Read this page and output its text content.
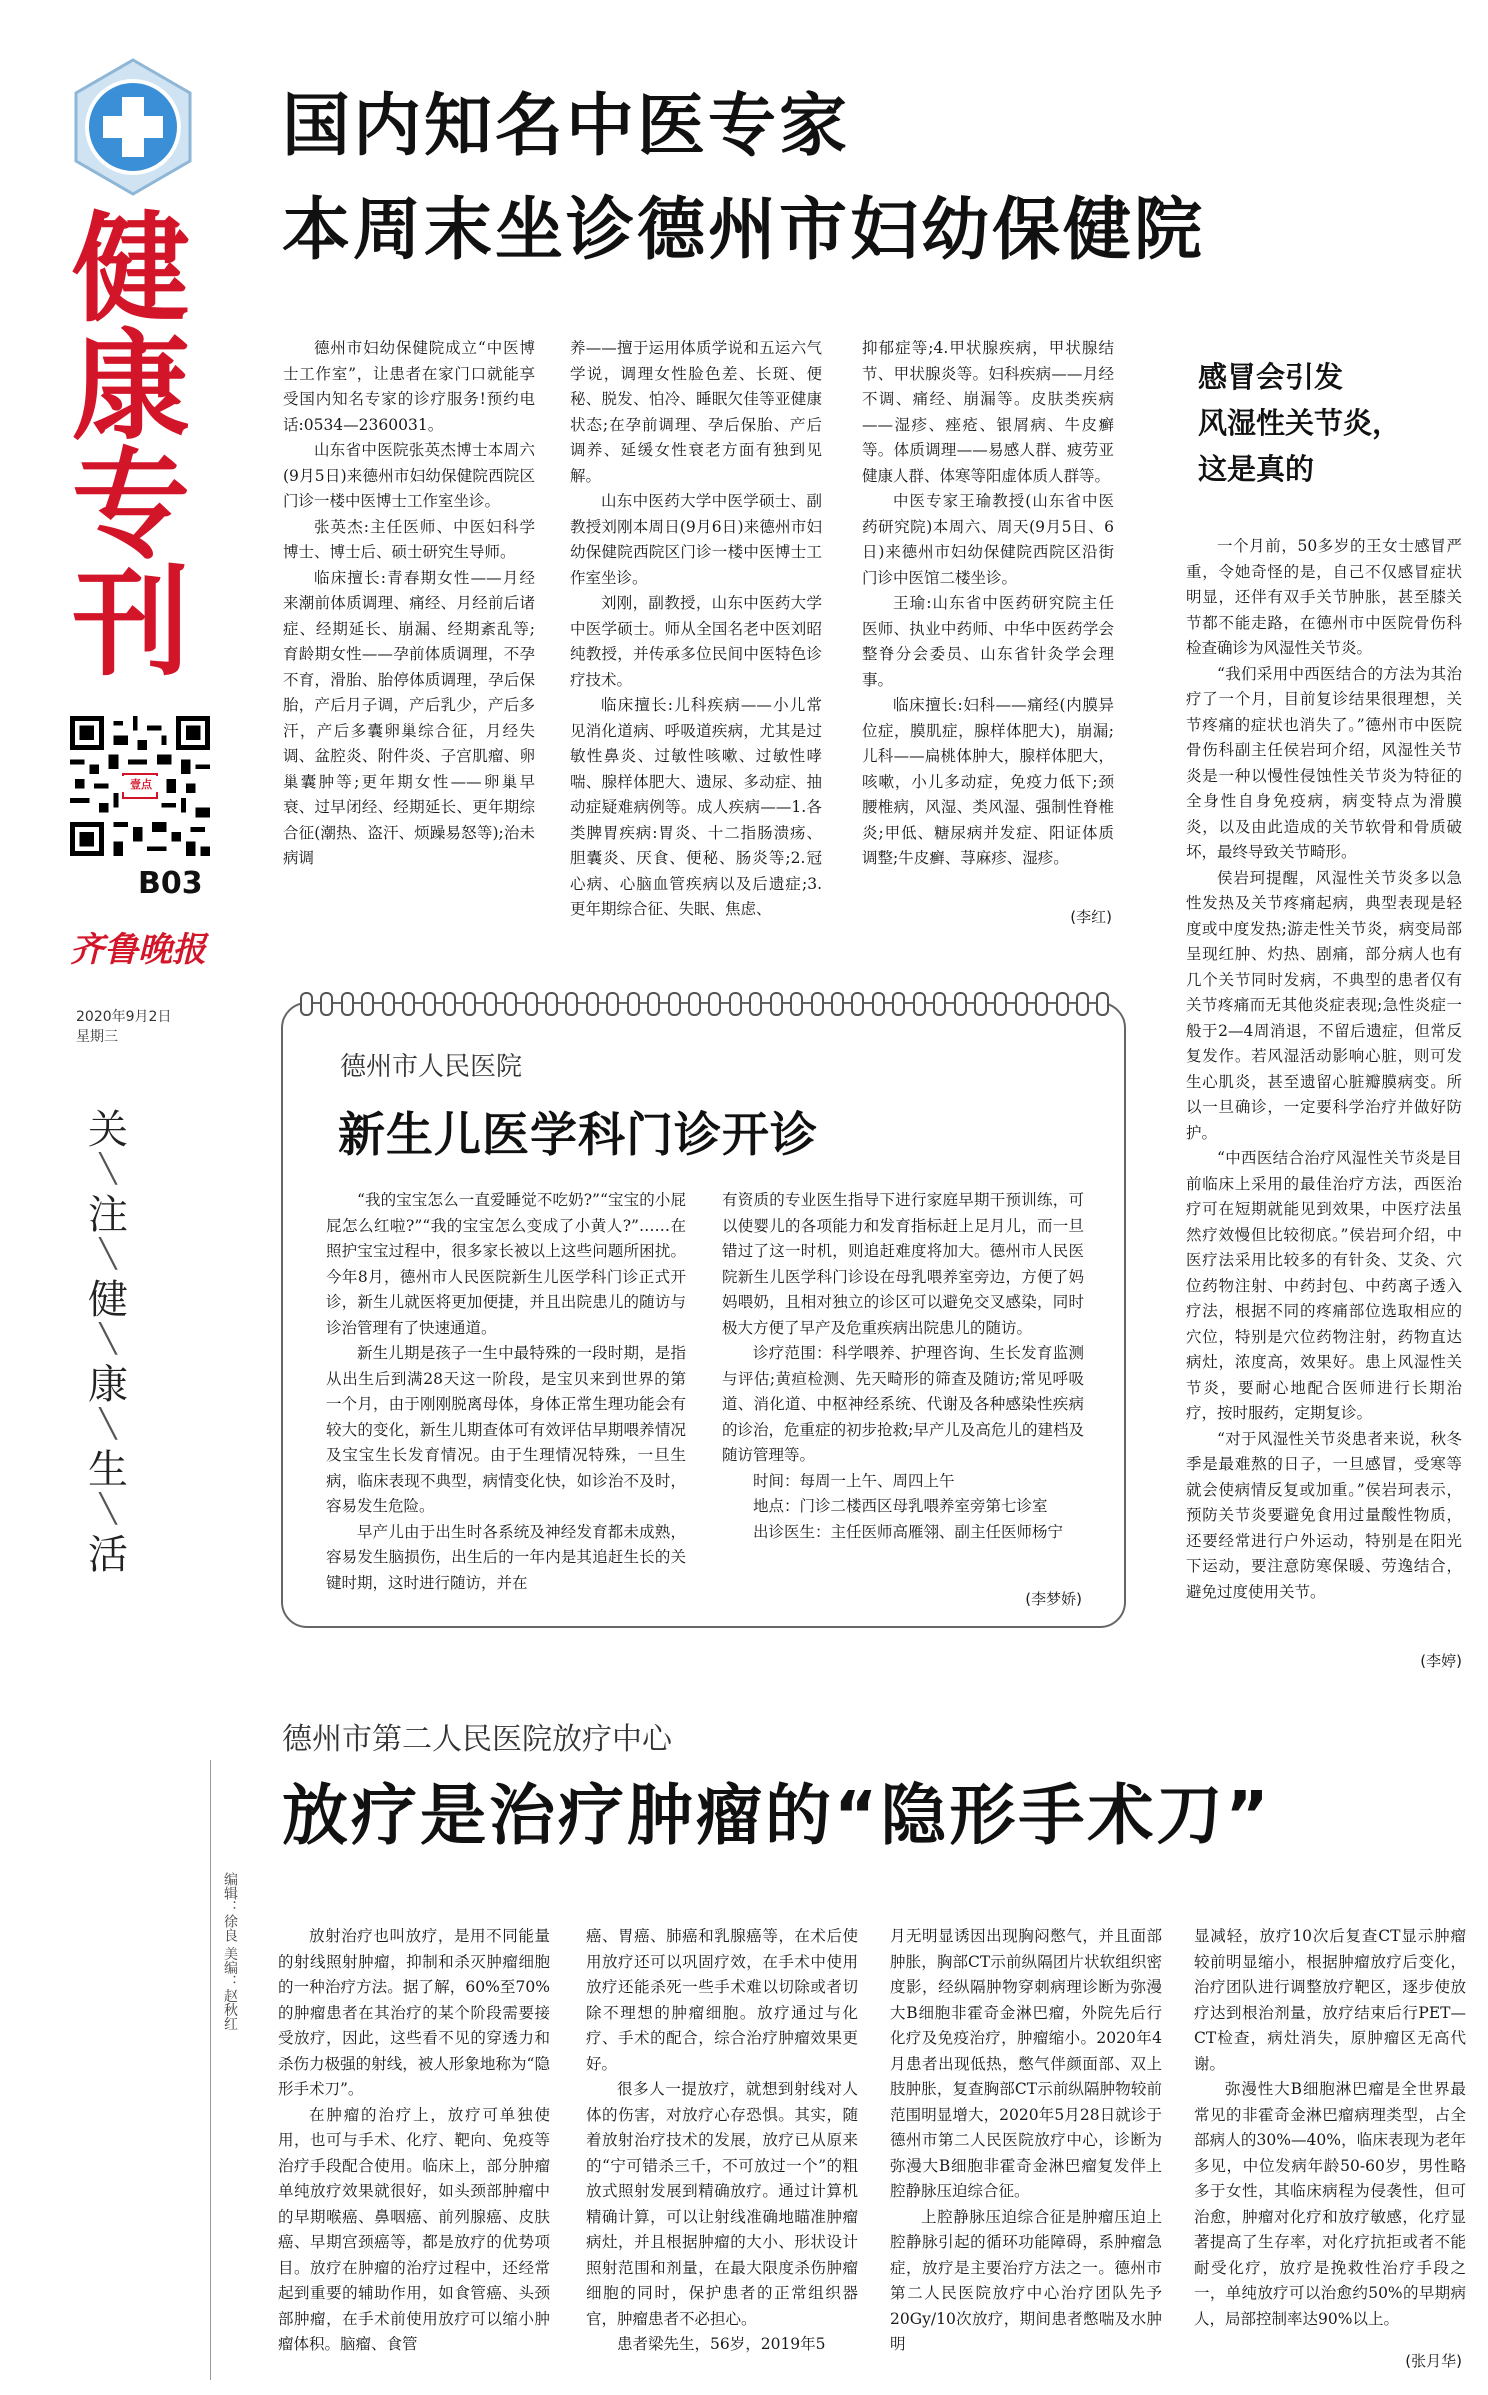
健
康
专
刊
壹点
B03
齐鲁晚报
2020年9月2日
星期三
关
╲
注
╲
健
╲
康
╲
生
╲
活
国内知名中医专家
本周末坐诊德州市妇幼保健院

德州市妇幼保健院成立“中医博士工作室”，让患者在家门口就能享受国内知名专家的诊疗服务!预约电话:0534—2360031。

山东省中医院张英杰博士本周六(9月5日)来德州市妇幼保健院西院区门诊一楼中医博士工作室坐诊。

张英杰:主任医师、中医妇科学博士、博士后、硕士研究生导师。

临床擅长:青春期女性——月经来潮前体质调理、痛经、月经前后诸症、经期延长、崩漏、经期紊乱等;育龄期女性——孕前体质调理，不孕不育，滑胎、胎停体质调理，孕后保胎，产后月子调，产后乳少，产后多汗，产后多囊卵巢综合征，月经失调、盆腔炎、附件炎、子宫肌瘤、卵巢囊肿等;更年期女性——卵巢早衰、过早闭经、经期延长、更年期综合征(潮热、盗汗、烦躁易怒等);治未病调

养——擅于运用体质学说和五运六气学说，调理女性脸色差、长斑、便秘、脱发、怕冷、睡眠欠佳等亚健康状态;在孕前调理、孕后保胎、产后调养、延缓女性衰老方面有独到见解。

山东中医药大学中医学硕士、副教授刘刚本周日(9月6日)来德州市妇幼保健院西院区门诊一楼中医博士工作室坐诊。

刘刚，副教授，山东中医药大学中医学硕士。师从全国名老中医刘昭纯教授，并传承多位民间中医特色诊疗技术。

临床擅长:儿科疾病——小儿常见消化道病、呼吸道疾病，尤其是过敏性鼻炎、过敏性咳嗽、过敏性哮喘、腺样体肥大、遗尿、多动症、抽动症疑难病例等。成人疾病——1.各类脾胃疾病:胃炎、十二指肠溃疡、胆囊炎、厌食、便秘、肠炎等;2.冠心病、心脑血管疾病以及后遗症;3.更年期综合征、失眠、焦虑、

抑郁症等;4.甲状腺疾病，甲状腺结节、甲状腺炎等。妇科疾病——月经不调、痛经、崩漏等。皮肤类疾病——湿疹、痤疮、银屑病、牛皮癣等。体质调理——易感人群、疲劳亚健康人群、体寒等阳虚体质人群等。

中医专家王瑜教授(山东省中医药研究院)本周六、周天(9月5日、6日)来德州市妇幼保健院西院区沿街门诊中医馆二楼坐诊。

王瑜:山东省中医药研究院主任医师、执业中药师、中华中医药学会整脊分会委员、山东省针灸学会理事。

临床擅长:妇科——痛经(内膜异位症，膜肌症，腺样体肥大)，崩漏;儿科——扁桃体肿大，腺样体肥大，咳嗽，小儿多动症，免疫力低下;颈腰椎病，风湿、类风湿、强制性脊椎炎;甲低、糖尿病并发症、阳证体质调整;牛皮癣、荨麻疹、湿疹。

(李红)
感冒会引发
风湿性关节炎，
这是真的

一个月前，50多岁的王女士感冒严重，令她奇怪的是，自己不仅感冒症状明显，还伴有双手关节肿胀，甚至膝关节都不能走路，在德州市中医院骨伤科检查确诊为风湿性关节炎。

“我们采用中西医结合的方法为其治疗了一个月，目前复诊结果很理想，关节疼痛的症状也消失了。”德州市中医院骨伤科副主任侯岩珂介绍，风湿性关节炎是一种以慢性侵蚀性关节炎为特征的全身性自身免疫病，病变特点为滑膜炎，以及由此造成的关节软骨和骨质破坏，最终导致关节畸形。

侯岩珂提醒，风湿性关节炎多以急性发热及关节疼痛起病，典型表现是轻度或中度发热;游走性关节炎，病变局部呈现红肿、灼热、剧痛，部分病人也有几个关节同时发病，不典型的患者仅有关节疼痛而无其他炎症表现;急性炎症一般于2—4周消退，不留后遗症，但常反复发作。若风湿活动影响心脏，则可发生心肌炎，甚至遗留心脏瓣膜病变。所以一旦确诊，一定要科学治疗并做好防护。

“中西医结合治疗风湿性关节炎是目前临床上采用的最佳治疗方法，西医治疗可在短期就能见到效果，中医疗法虽然疗效慢但比较彻底。”侯岩珂介绍，中医疗法采用比较多的有针灸、艾灸、穴位药物注射、中药封包、中药离子透入疗法，根据不同的疼痛部位选取相应的穴位，特别是穴位药物注射，药物直达病灶，浓度高，效果好。患上风湿性关节炎，要耐心地配合医师进行长期治疗，按时服药，定期复诊。

“对于风湿性关节炎患者来说，秋冬季是最难熬的日子，一旦感冒，受寒等就会使病情反复或加重。”侯岩珂表示，预防关节炎要避免食用过量酸性物质，还要经常进行户外运动，特别是在阳光下运动，要注意防寒保暖、劳逸结合，避免过度使用关节。

(李婷)
德州市人民医院
新生儿医学科门诊开诊

“我的宝宝怎么一直爱睡觉不吃奶?”“宝宝的小屁屁怎么红啦?”“我的宝宝怎么变成了小黄人?”……在照护宝宝过程中，很多家长被以上这些问题所困扰。今年8月，德州市人民医院新生儿医学科门诊正式开诊，新生儿就医将更加便捷，并且出院患儿的随访与诊治管理有了快速通道。

新生儿期是孩子一生中最特殊的一段时期，是指从出生后到满28天这一阶段，是宝贝来到世界的第一个月，由于刚刚脱离母体，身体正常生理功能会有较大的变化，新生儿期查体可有效评估早期喂养情况及宝宝生长发育情况。由于生理情况特殊，一旦生病，临床表现不典型，病情变化快，如诊治不及时，容易发生危险。

早产儿由于出生时各系统及神经发育都未成熟，容易发生脑损伤，出生后的一年内是其追赶生长的关键时期，这时进行随访，并在

有资质的专业医生指导下进行家庭早期干预训练，可以使婴儿的各项能力和发育指标赶上足月儿，而一旦错过了这一时机，则追赶难度将加大。德州市人民医院新生儿医学科门诊设在母乳喂养室旁边，方便了妈妈喂奶，且相对独立的诊区可以避免交叉感染，同时极大方便了早产及危重疾病出院患儿的随访。

诊疗范围：科学喂养、护理咨询、生长发育监测与评估;黄疸检测、先天畸形的筛查及随访;常见呼吸道、消化道、中枢神经系统、代谢及各种感染性疾病的诊治，危重症的初步抢救;早产儿及高危儿的建档及随访管理等。

时间：每周一上午、周四上午

地点：门诊二楼西区母乳喂养室旁第七诊室

出诊医生：主任医师高雁翎、副主任医师杨宁

(李梦娇)
德州市第二人民医院放疗中心
放疗是治疗肿瘤的“隐形手术刀”
编辑：徐良 美编：赵秋红	放射治疗也叫放疗，是用不同能量的射线照射肿瘤，抑制和杀灭肿瘤细胞的一种治疗方法。据了解，60%至70%的肿瘤患者在其治疗的某个阶段需要接受放疗，因此，这些看不见的穿透力和杀伤力极强的射线，被人形象地称为“隐形手术刀”。

在肿瘤的治疗上，放疗可单独使用，也可与手术、化疗、靶向、免疫等治疗手段配合使用。临床上，部分肿瘤单纯放疗效果就很好，如头颈部肿瘤中的早期喉癌、鼻咽癌、前列腺癌、皮肤癌、早期宫颈癌等，都是放疗的优势项目。放疗在肿瘤的治疗过程中，还经常起到重要的辅助作用，如食管癌、头颈部肿瘤，在手术前使用放疗可以缩小肿瘤体积。脑瘤、食管

癌、胃癌、肺癌和乳腺癌等，在术后使用放疗还可以巩固疗效，在手术中使用放疗还能杀死一些手术难以切除或者切除不理想的肿瘤细胞。放疗通过与化疗、手术的配合，综合治疗肿瘤效果更好。

很多人一提放疗，就想到射线对人体的伤害，对放疗心存恐惧。其实，随着放射治疗技术的发展，放疗已从原来的“宁可错杀三千，不可放过一个”的粗放式照射发展到精确放疗。通过计算机精确计算，可以让射线准确地瞄准肿瘤病灶，并且根据肿瘤的大小、形状设计照射范围和剂量，在最大限度杀伤肿瘤细胞的同时，保护患者的正常组织器官，肿瘤患者不必担心。

患者梁先生，56岁，2019年5

月无明显诱因出现胸闷憋气，并且面部肿胀，胸部CT示前纵隔团片状软组织密度影，经纵隔肿物穿刺病理诊断为弥漫大B细胞非霍奇金淋巴瘤，外院先后行化疗及免疫治疗，肿瘤缩小。2020年4月患者出现低热，憋气伴颜面部、双上肢肿胀，复查胸部CT示前纵隔肿物较前范围明显增大，2020年5月28日就诊于德州市第二人民医院放疗中心，诊断为弥漫大B细胞非霍奇金淋巴瘤复发伴上腔静脉压迫综合征。

上腔静脉压迫综合征是肿瘤压迫上腔静脉引起的循环功能障碍，系肿瘤急症，放疗是主要治疗方法之一。德州市第二人民医院放疗中心治疗团队先予20Gy/10次放疗，期间患者憋喘及水肿明

显减轻，放疗10次后复查CT显示肿瘤较前明显缩小，根据肿瘤放疗后变化，治疗团队进行调整放疗靶区，逐步使放疗达到根治剂量，放疗结束后行PET—CT检查，病灶消失，原肿瘤区无高代谢。

弥漫性大B细胞淋巴瘤是全世界最常见的非霍奇金淋巴瘤病理类型，占全部病人的30%—40%，临床表现为老年多见，中位发病年龄50-60岁，男性略多于女性，其临床病程为侵袭性，但可治愈，肿瘤对化疗和放疗敏感，化疗显著提高了生存率，对化疗抗拒或者不能耐受化疗，放疗是挽救性治疗手段之一，单纯放疗可以治愈约50%的早期病人，局部控制率达90%以上。

(张月华)
